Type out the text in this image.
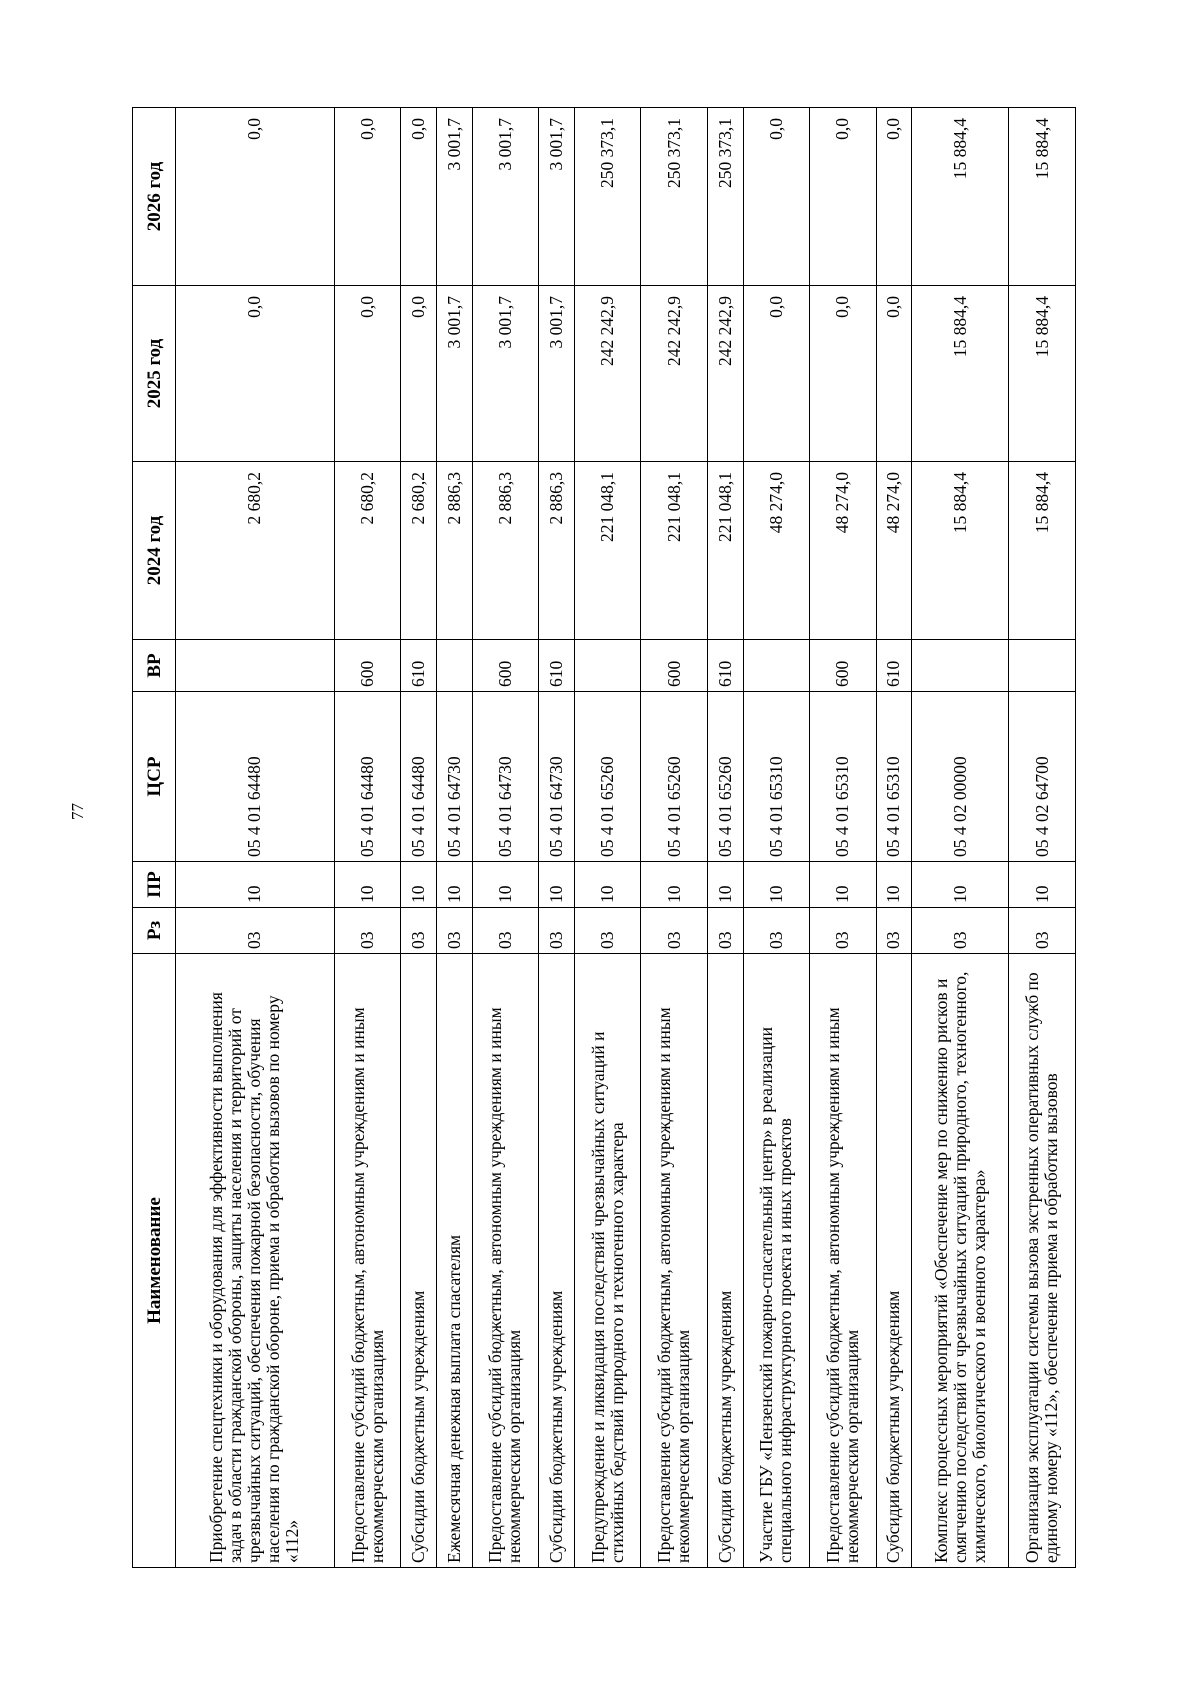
77
Наименование	Рз	ПР	ЦСР	ВР	2024 год	2025 год	2026 год
Приобретение спецтехники и оборудования для эффективности выполнения задач в области гражданской обороны, защиты населения и территорий от чрезвычайных ситуаций, обеспечения пожарной безопасности, обучения населения по гражданской обороне, приема и обработки вызовов по номеру «112»	03	10	05 4 01 64480		2 680,2	0,0	0,0
Предоставление субсидий бюджетным, автономным учреждениям и иным некоммерческим организациям	03	10	05 4 01 64480	600	2 680,2	0,0	0,0
Субсидии бюджетным учреждениям	03	10	05 4 01 64480	610	2 680,2	0,0	0,0
Ежемесячная денежная выплата спасателям	03	10	05 4 01 64730		2 886,3	3 001,7	3 001,7
Предоставление субсидий бюджетным, автономным учреждениям и иным некоммерческим организациям	03	10	05 4 01 64730	600	2 886,3	3 001,7	3 001,7
Субсидии бюджетным учреждениям	03	10	05 4 01 64730	610	2 886,3	3 001,7	3 001,7
Предупреждение и ликвидация последствий чрезвычайных ситуаций и стихийных бедствий природного и техногенного характера	03	10	05 4 01 65260		221 048,1	242 242,9	250 373,1
Предоставление субсидий бюджетным, автономным учреждениям и иным некоммерческим организациям	03	10	05 4 01 65260	600	221 048,1	242 242,9	250 373,1
Субсидии бюджетным учреждениям	03	10	05 4 01 65260	610	221 048,1	242 242,9	250 373,1
Участие ГБУ «Пензенский пожарно-спасательный центр» в реализации специального инфраструктурного проекта и иных проектов	03	10	05 4 01 65310		48 274,0	0,0	0,0
Предоставление субсидий бюджетным, автономным учреждениям и иным некоммерческим организациям	03	10	05 4 01 65310	600	48 274,0	0,0	0,0
Субсидии бюджетным учреждениям	03	10	05 4 01 65310	610	48 274,0	0,0	0,0
Комплекс процессных мероприятий «Обеспечение мер по снижению рисков и смягчению последствий от чрезвычайных ситуаций природного, техногенного, химического, биологического и военного характера»	03	10	05 4 02 00000		15 884,4	15 884,4	15 884,4
Организация эксплуатации системы вызова экстренных оперативных служб по единому номеру «112», обеспечение приема и обработки вызовов	03	10	05 4 02 64700		15 884,4	15 884,4	15 884,4
